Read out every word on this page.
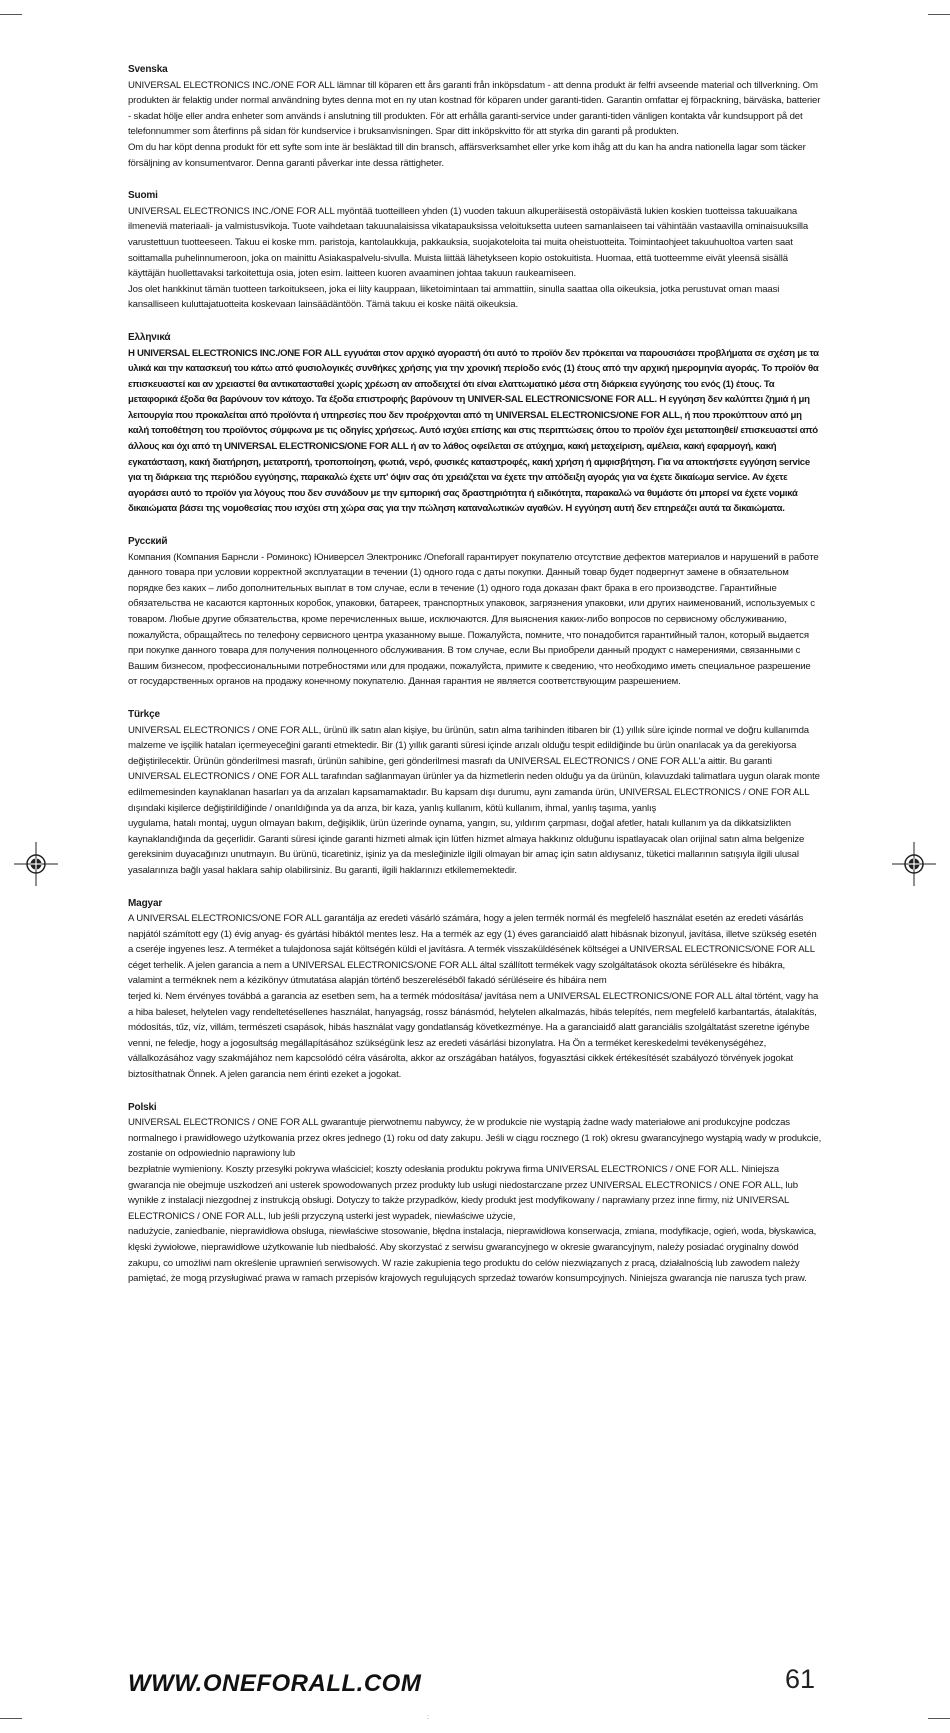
Svenska

UNIVERSAL ELECTRONICS INC./ONE FOR ALL lämnar till köparen ett års garanti från inköpsdatum - att denna produkt är felfri avseende material och tillverkning. Om produkten är felaktig under normal användning bytes denna mot en ny utan kostnad för köparen under garanti-tiden. Garantin omfattar ej förpackning, bärväska, batterier - skadat hölje eller andra enheter som används i anslutning till produkten. För att erhålla garanti-service under garanti-tiden vänligen kontakta vår kundsupport på det telefonnummer som återfinns på sidan för kundservice i bruksanvisningen. Spar ditt inköpskvitto för att styrka din garanti på produkten.

Om du har köpt denna produkt för ett syfte som inte är besläktad till din bransch, affärsverksamhet eller yrke kom ihåg att du kan ha andra nationella lagar som täcker försäljning av konsumentvaror. Denna garanti påverkar inte dessa rättigheter.

Suomi

UNIVERSAL ELECTRONICS INC./ONE FOR ALL myöntää tuotteilleen yhden (1) vuoden takuun alkuperäisestä ostopäivästä lukien koskien tuotteissa takuuaikana ilmeneviä materiaali- ja valmistusvikoja. Tuote vaihdetaan takuunalaisissa vikatapauksissa veloituksetta uuteen samanlaiseen tai vähintään vastaavilla ominaisuuksilla varustettuun tuotteeseen. Takuu ei koske mm. paristoja, kantolaukkuja, pakkauksia, suojakoteloita tai muita oheistuotteita. Toimintaohjeet takuuhuoltoa varten saat soittamalla puhelinnumeroon, joka on mainittu Asiakaspalvelu-sivulla. Muista liittää lähetykseen kopio ostokuitista. Huomaa, että tuotteemme eivät yleensä sisällä käyttäjän huollettavaksi tarkoitettuja osia, joten esim. laitteen kuoren avaaminen johtaa takuun raukeamiseen.

Jos olet hankkinut tämän tuotteen tarkoitukseen, joka ei liity kauppaan, liiketoimintaan tai ammattiin, sinulla saattaa olla oikeuksia, jotka perustuvat oman maasi kansalliseen kuluttajatuotteita koskevaan lainsäädäntöön. Tämä takuu ei koske näitä oikeuksia.

Ελληνικά

Η UNIVERSAL ELECTRONICS INC./ONE FOR ALL εγγυάται στον αρχικό αγοραστή ότι αυτό το προϊόν δεν πρόκειται να παρουσιάσει προβλήματα σε σχέση με τα υλικά και την κατασκευή του κάτω από φυσιολογικές συνθήκες χρήσης για την χρονική περίοδο ενός (1) έτους από την αρχική ημερομηνία αγοράς. Το προϊόν θα επισκευαστεί και αν χρειαστεί θα αντικατασταθεί χωρίς χρέωση αν αποδειχτεί ότι είναι ελαττωματικό μέσα στη διάρκεια εγγύησης του ενός (1) έτους. Τα μεταφορικά έξοδα θα βαρύνουν τον κάτοχο. Τα έξοδα επιστροφής βαρύνουν τη UNIVER-SAL ELECTRONICS/ONE FOR ALL. Η εγγύηση δεν καλύπτει ζημιά ή μη λειτουργία που προκαλείται από προϊόντα ή υπηρεσίες που δεν προέρχονται από τη UNIVERSAL ELECTRONICS/ONE FOR ALL, ή που προκύπτουν από μη καλή τοποθέτηση του προϊόντος σύμφωνα με τις οδηγίες χρήσεως. Αυτό ισχύει επίσης και στις περιπτώσεις όπου το προϊόν έχει μεταποιηθεί/ επισκευαστεί από άλλους και όχι από τη UNIVERSAL ELECTRONICS/ONE FOR ALL ή αν το λάθος οφείλεται σε ατύχημα, κακή μεταχείριση, αμέλεια, κακή εφαρμογή, κακή εγκατάσταση, κακή διατήρηση, μετατροπή, τροποποίηση, φωτιά, νερό, φυσικές καταστροφές, κακή χρήση ή αμφισβήτηση. Για να αποκτήσετε εγγύηση service για τη διάρκεια της περιόδου εγγύησης, παρακαλώ έχετε υπ' όψιν σας ότι χρειάζεται να έχετε την απόδειξη αγοράς για να έχετε δικαίωμα service. Αν έχετε αγοράσει αυτό το προϊόν για λόγους που δεν συνάδουν με την εμπορική σας δραστηριότητα ή ειδικότητα, παρακαλώ να θυμάστε ότι μπορεί να έχετε νομικά δικαιώματα βάσει της νομοθεσίας που ισχύει στη χώρα σας για την πώληση καταναλωτικών αγαθών. Η εγγύηση αυτή δεν επηρεάζει αυτά τα δικαιώματα.

Русский

Компания (Компания Барнсли - Роминокс) Юниверсел Электроникс /Oneforall гарантирует покупателю отсутствие дефектов материалов и нарушений в работе данного товара при условии корректной эксплуатации в течении (1) одного года с даты покупки. Данный товар будет подвергнут замене в обязательном порядке без каких – либо дополнительных выплат в том случае, если в течение (1) одного года доказан факт брака в его производстве. Гарантийные обязательства не касаются картонных коробок, упаковки, батареек, транспортных упаковок, загрязнения упаковки, или других наименований, используемых с товаром. Любые другие обязательства, кроме перечисленных выше, исключаются. Для выяснения каких-либо вопросов по сервисному обслуживанию, пожалуйста, обращайтесь по телефону сервисного центра указанному выше. Пожалуйста, помните, что понадобится гарантийный талон, который выдается при покупке данного товара для получения полноценного обслуживания. В том случае, если Вы приобрели данный продукт с намерениями, связанными с Вашим бизнесом, профессиональными потребностями или для продажи, пожалуйста, примите к сведению, что необходимо иметь специальное разрешение от государственных органов на продажу конечному покупателю. Данная гарантия не является соответствующим разрешением.

Türkçe

UNIVERSAL ELECTRONICS / ONE FOR ALL, ürünü ilk satın alan kişiye, bu ürünün, satın alma tarihinden itibaren bir (1) yıllık süre içinde normal ve doğru kullanımda malzeme ve işçilik hataları içermeyeceğini garanti etmektedir. Bir (1) yıllık garanti süresi içinde arızalı olduğu tespit edildiğinde bu ürün onarılacak ya da gerekiyorsa değiştirilecektir. Ürünün gönderilmesi masrafı, ürünün sahibine, geri gönderilmesi masrafı da UNIVERSAL ELECTRONICS / ONE FOR ALL'a aittir. Bu garanti UNIVERSAL ELECTRONICS / ONE FOR ALL tarafından sağlanmayan ürünler ya da hizmetlerin neden olduğu ya da ürünün, kılavuzdaki talimatlara uygun olarak monte edilmemesinden kaynaklanan hasarları ya da arızaları kapsamamaktadır. Bu kapsam dışı durumu, aynı zamanda ürün, UNIVERSAL ELECTRONICS / ONE FOR ALL dışındaki kişilerce değiştirildiğinde / onarıldığında ya da arıza, bir kaza, yanlış kullanım, kötü kullanım, ihmal, yanlış taşıma, yanlış

uygulama, hatalı montaj, uygun olmayan bakım, değişiklik, ürün üzerinde oynama, yangın, su, yıldırım çarpması, doğal afetler, hatalı kullanım ya da dikkatsizlikten kaynaklandığında da geçerlidir. Garanti süresi içinde garanti hizmeti almak için lütfen hizmet almaya hakkınız olduğunu ispatlayacak olan orijinal satın alma belgenize gereksinim duyacağınızı unutmayın. Bu ürünü, ticaretiniz, işiniz ya da mesleğinizle ilgili olmayan bir amaç için satın aldıysanız, tüketici mallarının satışıyla ilgili ulusal yasalarınıza bağlı yasal haklara sahip olabilirsiniz. Bu garanti, ilgili haklarınızı etkilememektedir.

Magyar

A UNIVERSAL ELECTRONICS/ONE FOR ALL garantálja az eredeti vásárló számára, hogy a jelen termék normál és megfelelő használat esetén az eredeti vásárlás napjától számított egy (1) évig anyag- és gyártási hibáktól mentes lesz. Ha a termék az egy (1) éves garanciaidő alatt hibásnak bizonyul, javítása, illetve szükség esetén a cseréje ingyenes lesz. A terméket a tulajdonosa saját költségén küldi el javításra. A termék visszaküldésének költségei a UNIVERSAL ELECTRONICS/ONE FOR ALL céget terhelik. A jelen garancia a nem a UNIVERSAL ELECTRONICS/ONE FOR ALL által szállított termékek vagy szolgáltatások okozta sérülésekre és hibákra, valamint a terméknek nem a kézikönyv útmutatása alapján történő beszereléséből fakadó sérüléseire és hibáira nem

terjed ki. Nem érvényes továbbá a garancia az esetben sem, ha a termék módosítása/ javítása nem a UNIVERSAL ELECTRONICS/ONE FOR ALL által történt, vagy ha a hiba baleset, helytelen vagy rendeltetésellenes használat, hanyagság, rossz bánásmód, helytelen alkalmazás, hibás telepítés, nem megfelelő karbantartás, átalakítás, módosítás, tűz, víz, villám, természeti csapások, hibás használat vagy gondatlanság következménye. Ha a garanciaidő alatt garanciális szolgáltatást szeretne igénybe venni, ne feledje, hogy a jogosultság megállapításához szükségünk lesz az eredeti vásárlási bizonylatra. Ha Ön a terméket kereskedelmi tevékenységéhez, vállalkozásához vagy szakmájához nem kapcsolódó célra vásárolta, akkor az országában hatályos, fogyasztási cikkek értékesítését szabályozó törvények jogokat biztosíthatnak Önnek. A jelen garancia nem érinti ezeket a jogokat.

Polski

UNIVERSAL ELECTRONICS / ONE FOR ALL gwarantuje pierwotnemu nabywcy, że w produkcie nie wystąpią żadne wady materiałowe ani produkcyjne podczas normalnego i prawidłowego użytkowania przez okres jednego (1) roku od daty zakupu. Jeśli w ciągu rocznego (1 rok) okresu gwarancyjnego wystąpią wady w produkcie, zostanie on odpowiednio naprawiony lub

bezpłatnie wymieniony. Koszty przesyłki pokrywa właściciel; koszty odesłania produktu pokrywa firma UNIVERSAL ELECTRONICS / ONE FOR ALL. Niniejsza gwarancja nie obejmuje uszkodzeń ani usterek spowodowanych przez produkty lub usługi niedostarczane przez UNIVERSAL ELECTRONICS / ONE FOR ALL, lub wynikłe z instalacji niezgodnej z instrukcją obsługi. Dotyczy to także przypadków, kiedy produkt jest modyfikowany / naprawiany przez inne firmy, niż UNIVERSAL ELECTRONICS / ONE FOR ALL, lub jeśli przyczyną usterki jest wypadek, niewłaściwe użycie,

nadużycie, zaniedbanie, nieprawidłowa obsługa, niewłaściwe stosowanie, błędna instalacja, nieprawidłowa konserwacja, zmiana, modyfikacje, ogień, woda, błyskawica, klęski żywiołowe, nieprawidłowe użytkowanie lub niedbałość. Aby skorzystać z serwisu gwarancyjnego w okresie gwarancyjnym, należy posiadać oryginalny dowód zakupu, co umożliwi nam określenie uprawnień serwisowych. W razie zakupienia tego produktu do celów niezwiązanych z pracą, działalnością lub zawodem należy pamiętać, że mogą przysługiwać prawa w ramach przepisów krajowych regulujących sprzedaż towarów konsumpcyjnych. Niniejsza gwarancja nie narusza tych praw.

WWW.ONEFORALL.COM	61
:
